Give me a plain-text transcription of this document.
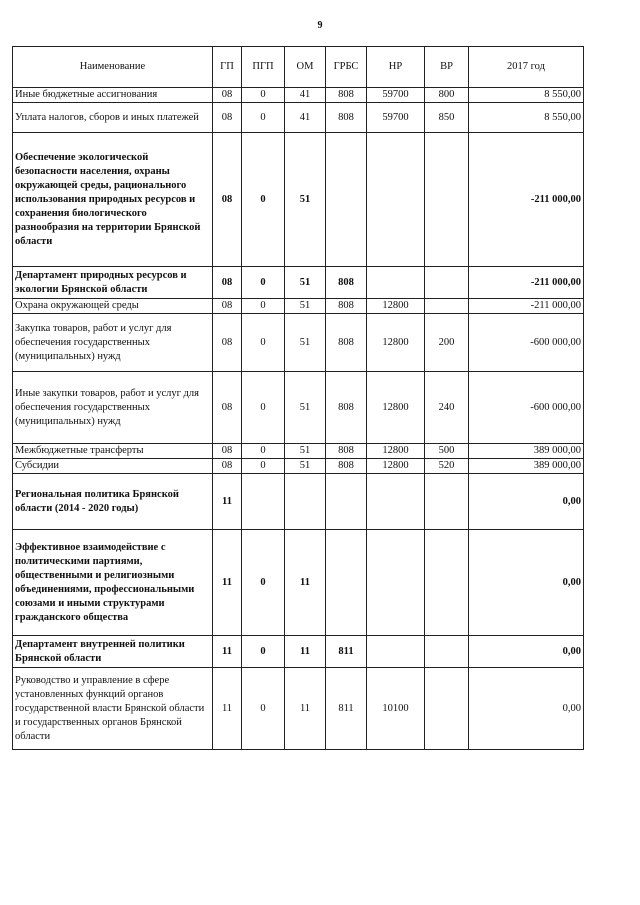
9
Наименование	ГП	ПГП	ОМ	ГРБС	НР	ВР	2017 год
Иные бюджетные ассигнования	08	0	41	808	59700	800	8 550,00
Уплата налогов, сборов и иных платежей	08	0	41	808	59700	850	8 550,00
Обеспечение экологической безопасности населения, охраны окружающей среды, рационального использования природных ресурсов и сохранения биологического разнообразия на территории Брянской области	08	0	51				-211 000,00
Департамент природных ресурсов и экологии Брянской области	08	0	51	808			-211 000,00
Охрана окружающей среды	08	0	51	808	12800		-211 000,00
Закупка товаров, работ и услуг для обеспечения государственных (муниципальных) нужд	08	0	51	808	12800	200	-600 000,00
Иные закупки товаров, работ и услуг для обеспечения государственных (муниципальных) нужд	08	0	51	808	12800	240	-600 000,00
Межбюджетные трансферты	08	0	51	808	12800	500	389 000,00
Субсидии	08	0	51	808	12800	520	389 000,00
Региональная политика Брянской области (2014 - 2020 годы)	11						0,00
Эффективное взаимодействие с политическими партиями, общественными и религиозными объединениями, профессиональными союзами и иными структурами гражданского общества	11	0	11				0,00
Департамент внутренней политики Брянской области	11	0	11	811			0,00
Руководство и управление в сфере установленных функций органов государственной власти Брянской области и государственных органов Брянской области	11	0	11	811	10100		0,00
